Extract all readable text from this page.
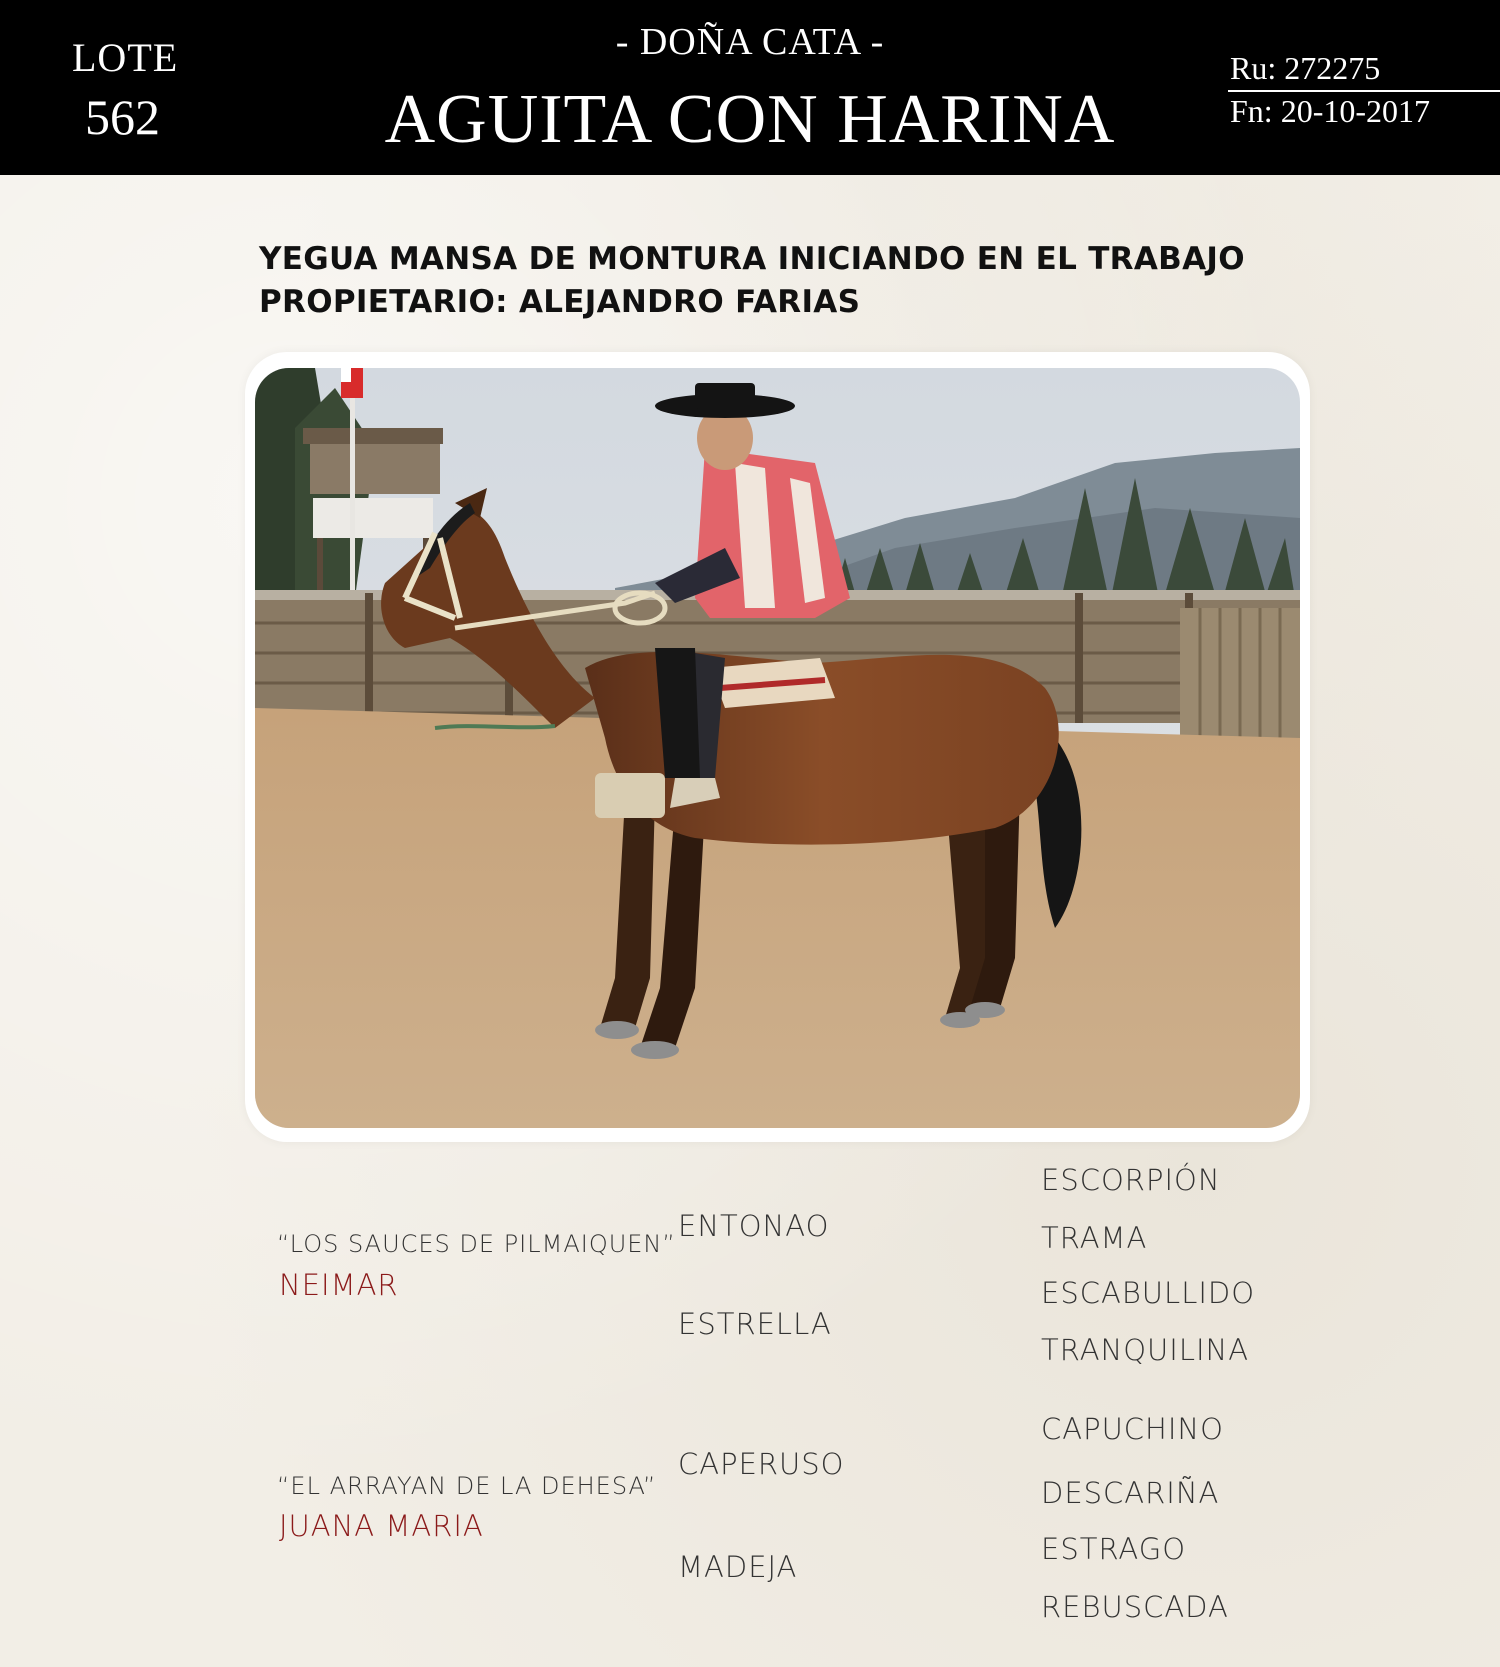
LOTE
562
- DOÑA CATA -
AGUITA CON HARINA
Ru: 272275
Fn: 20-10-2017
YEGUA MANSA DE MONTURA INICIANDO EN EL TRABAJO
PROPIETARIO: ALEJANDRO FARIAS
“LOS SAUCES DE PILMAIQUEN”
NEIMAR
“EL ARRAYAN DE LA DEHESA”
JUANA MARIA
ENTONAO
ESTRELLA
CAPERUSO
MADEJA
ESCORPIÓN
TRAMA
ESCABULLIDO
TRANQUILINA
CAPUCHINO
DESCARIÑA
ESTRAGO
REBUSCADA
